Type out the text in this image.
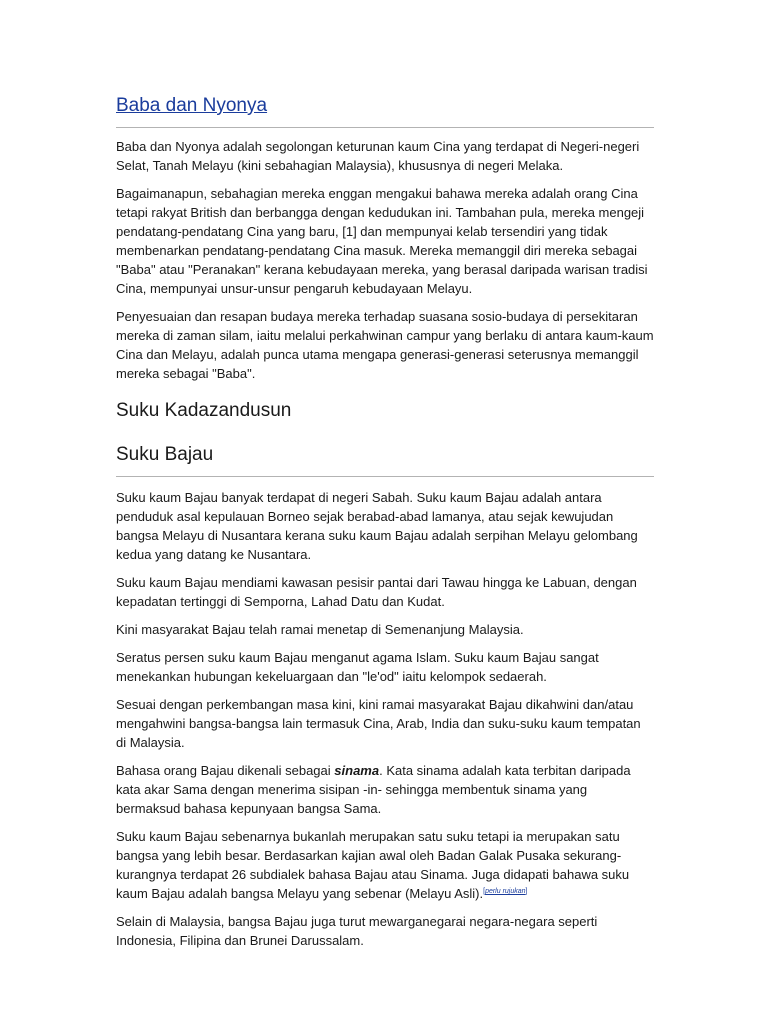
Baba dan Nyonya

Baba dan Nyonya adalah segolongan keturunan kaum Cina yang terdapat di Negeri-negeri Selat, Tanah Melayu (kini sebahagian Malaysia), khususnya di negeri Melaka.

Bagaimanapun, sebahagian mereka enggan mengakui bahawa mereka adalah orang Cina tetapi rakyat British dan berbangga dengan kedudukan ini. Tambahan pula, mereka mengeji pendatang-pendatang Cina yang baru, [1] dan mempunyai kelab tersendiri yang tidak membenarkan pendatang-pendatang Cina masuk. Mereka memanggil diri mereka sebagai "Baba" atau "Peranakan" kerana kebudayaan mereka, yang berasal daripada warisan tradisi Cina, mempunyai unsur-unsur pengaruh kebudayaan Melayu.

Penyesuaian dan resapan budaya mereka terhadap suasana sosio-budaya di persekitaran mereka di zaman silam, iaitu melalui perkahwinan campur yang berlaku di antara kaum-kaum Cina dan Melayu, adalah punca utama mengapa generasi-generasi seterusnya memanggil mereka sebagai "Baba".

Suku Kadazandusun
Suku Bajau

Suku kaum Bajau banyak terdapat di negeri Sabah. Suku kaum Bajau adalah antara penduduk asal kepulauan Borneo sejak berabad-abad lamanya, atau sejak kewujudan bangsa Melayu di Nusantara kerana suku kaum Bajau adalah serpihan Melayu gelombang kedua yang datang ke Nusantara.

Suku kaum Bajau mendiami kawasan pesisir pantai dari Tawau hingga ke Labuan, dengan kepadatan tertinggi di Semporna, Lahad Datu dan Kudat.

Kini masyarakat Bajau telah ramai menetap di Semenanjung Malaysia.

Seratus persen suku kaum Bajau menganut agama Islam. Suku kaum Bajau sangat menekankan hubungan kekeluargaan dan "le'od" iaitu kelompok sedaerah.

Sesuai dengan perkembangan masa kini, kini ramai masyarakat Bajau dikahwini dan/atau mengahwini bangsa-bangsa lain termasuk Cina, Arab, India dan suku-suku kaum tempatan di Malaysia.

Bahasa orang Bajau dikenali sebagai sinama. Kata sinama adalah kata terbitan daripada kata akar Sama dengan menerima sisipan -in- sehingga membentuk sinama yang bermaksud bahasa kepunyaan bangsa Sama.

Suku kaum Bajau sebenarnya bukanlah merupakan satu suku tetapi ia merupakan satu bangsa yang lebih besar. Berdasarkan kajian awal oleh Badan Galak Pusaka sekurang-kurangnya terdapat 26 subdialek bahasa Bajau atau Sinama. Juga didapati bahawa suku kaum Bajau adalah bangsa Melayu yang sebenar (Melayu Asli).[perlu rujukan]

Selain di Malaysia, bangsa Bajau juga turut mewarganegarai negara-negara seperti Indonesia, Filipina dan Brunei Darussalam.
